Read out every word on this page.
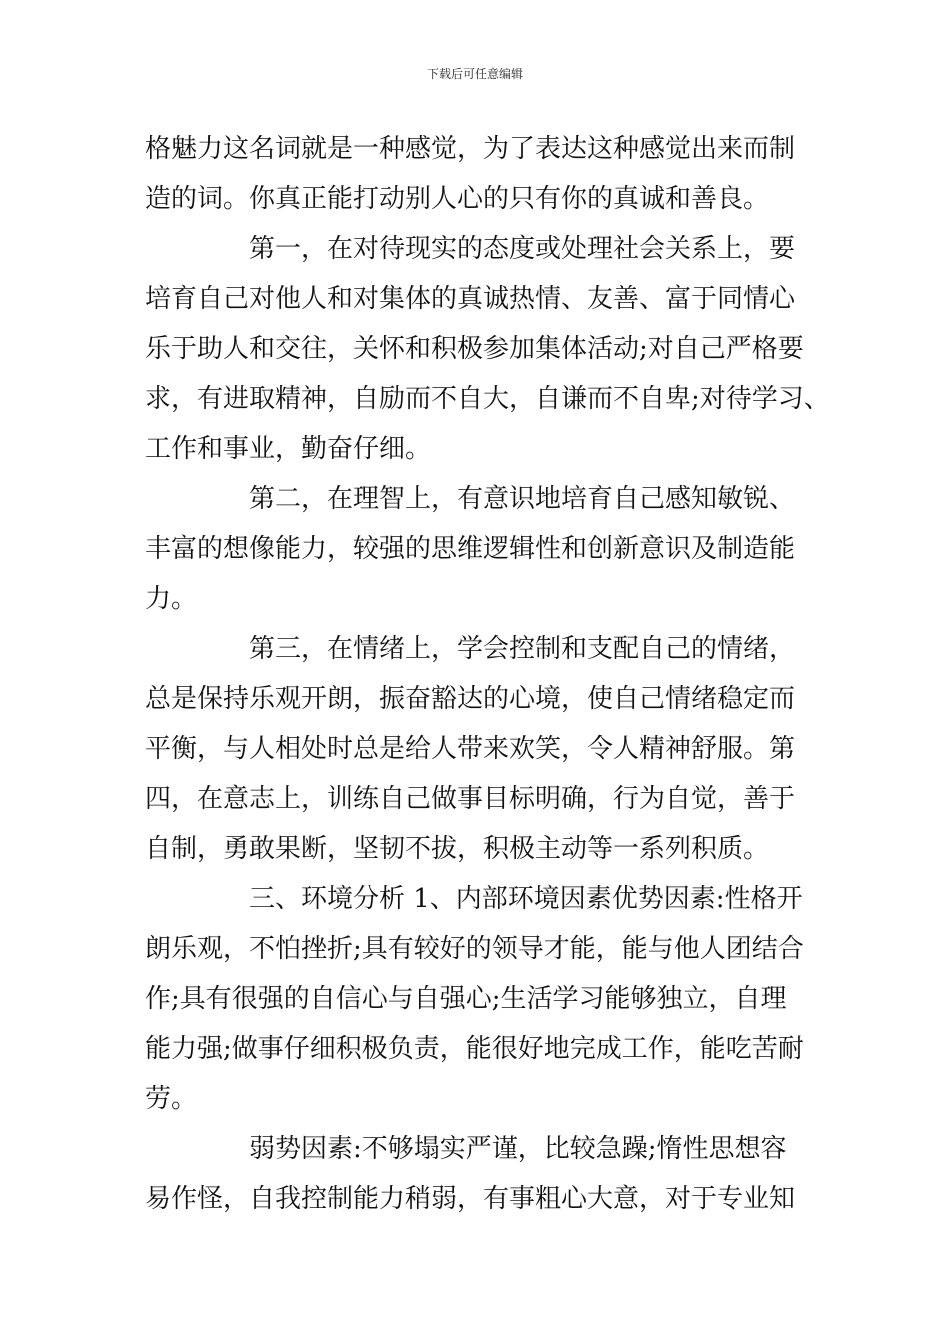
下载后可任意编辑
格魅力这名词就是一种感觉，为了表达这种感觉出来而制
造的词。你真正能打动别人心的只有你的真诚和善良。
第一，在对待现实的态度或处理社会关系上，要
培育自己对他人和对集体的真诚热情、友善、富于同情心
乐于助人和交往，关怀和积极参加集体活动;对自己严格要
求，有进取精神，自励而不自大，自谦而不自卑;对待学习、
工作和事业，勤奋仔细。
第二，在理智上，有意识地培育自己感知敏锐、
丰富的想像能力，较强的思维逻辑性和创新意识及制造能
力。
第三，在情绪上，学会控制和支配自己的情绪，
总是保持乐观开朗，振奋豁达的心境，使自己情绪稳定而
平衡，与人相处时总是给人带来欢笑，令人精神舒服。第
四，在意志上，训练自己做事目标明确，行为自觉，善于
自制，勇敢果断，坚韧不拔，积极主动等一系列积质。
三、环境分析 1、内部环境因素优势因素:性格开
朗乐观，不怕挫折;具有较好的领导才能，能与他人团结合
作;具有很强的自信心与自强心;生活学习能够独立，自理
能力强;做事仔细积极负责，能很好地完成工作，能吃苦耐
劳。
弱势因素:不够塌实严谨，比较急躁;惰性思想容
易作怪，自我控制能力稍弱，有事粗心大意，对于专业知
